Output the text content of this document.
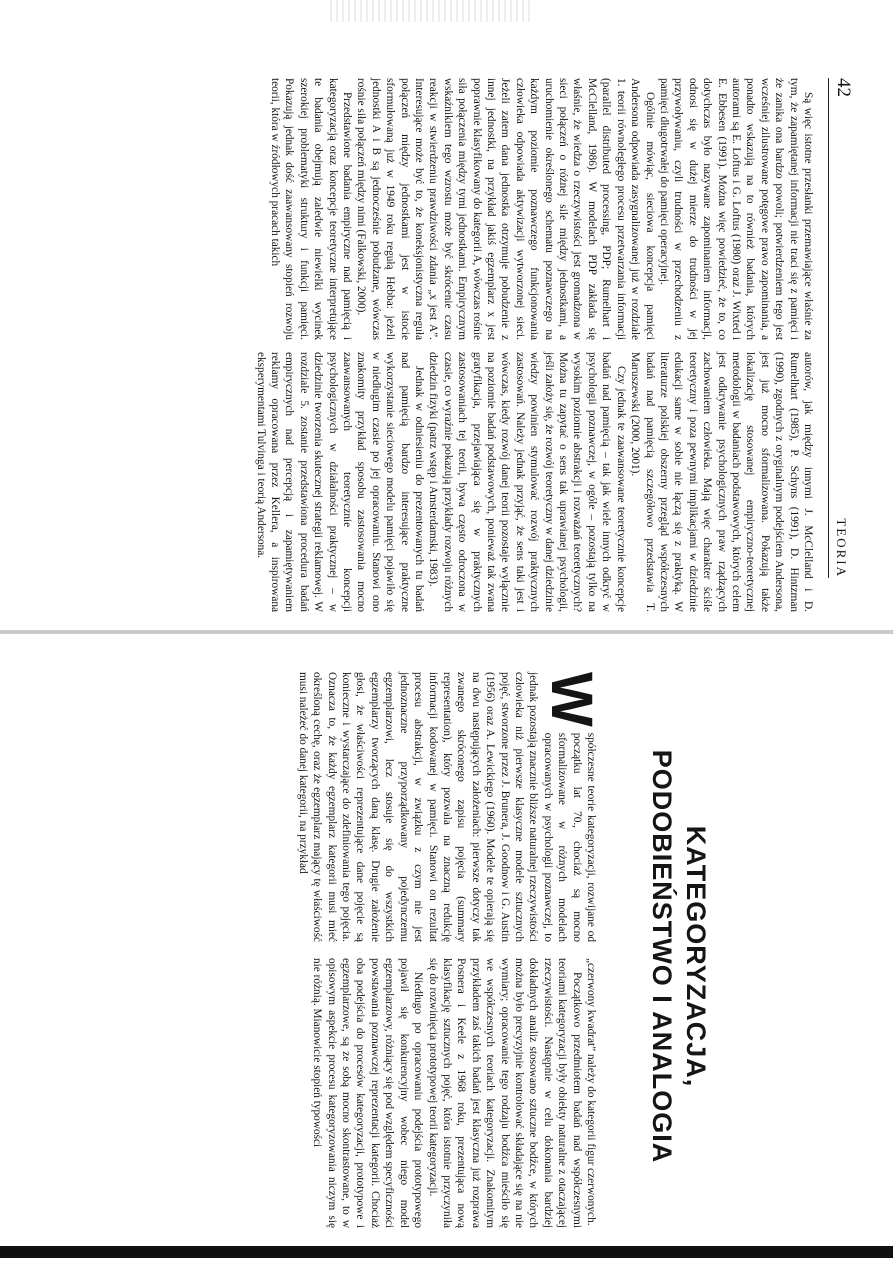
42
TEORIA

Są więc istotne przesłanki przemawiające właśnie za tym, że zapamiętanej informacji nie traci się z pamięci i że zanika ona bardzo powoli; potwierdzeniem tego jest wcześniej zilustrowane potęgowe prawo zapominania, a ponadto wskazują na to również badania, których autorami są E. Loftus i G. Loftus (1980) oraz J. Wixted i E. Ebbesen (1991). Można więc powiedzieć, że to, co dotychczas było nazywane zapominaniem informacji, odnosi się w dużej mierze do trudności w jej przywoływaniu, czyli trudności w przechodzeniu z pamięci długotrwałej do pamięci operacyjnej.

Ogólnie mówiąc, sieciowa koncepcja pamięci Andersona odpowiada zasygnalizowanej już w rozdziale 1. teorii równoległego procesu przetwarzania informacji (parallel distributed processing, PDP; Rumelhart i McClelland, 1986). W modelach PDP zakłada się właśnie, że wiedza o rzeczywistości jest gromadzona w sieci połączeń o różnej sile między jednostkami, a uruchomienie określonego schematu poznawczego na każdym poziomie poznawczego funkcjonowania człowieka odpowiada aktywizacji wytworzonej sieci. Jeżeli zatem dana jednostka otrzymuje pobudzenie z innej jednostki, na przykład jakiś egzemplarz x jest poprawnie klasyfikowany do kategorii A, wówczas rośnie siła połączenia między tymi jednostkami. Empirycznym wskaźnikiem tego wzrostu może być skrócenie czasu reakcji w stwierdzeniu prawdziwości zdania „x jest A”. Interesujące może być to, że koneksjonistyczna reguła połączeń między jednostkami jest w istocie sformułowaną już w 1949 roku regułą Hebba: jeżeli jednostki A i B są jednocześnie pobudzane, wówczas rośnie siła połączeń między nimi (Falkowski, 2000).

Przedstawione badania empiryczne nad pamięcią i kategoryzacją oraz koncepcje teoretyczne interpretujące te badania obejmują zaledwie niewielki wycinek szerokiej problematyki struktury i funkcji pamięci. Pokazują jednak dość zaawansowany stopień rozwoju teorii, która w źródłowych pracach takich

autorów, jak między innymi J. McClelland i D. Rumelhart (1985), P. Schyns (1991), D. Hintzman (1990), zgodnych z oryginalnym podejściem Andersona, jest już mocno sformalizowana. Pokazują także lokalizację stosowanej empiryczno-teoretycznej metodologii w badaniach podstawowych, których celem jest odkrywanie psychologicznych praw rządzących zachowaniem człowieka. Mają więc charakter ściśle teoretyczny i poza pewnymi implikacjami w dziedzinie edukacji same w sobie nie łączą się z praktyką. W literaturze polskiej obszerny przegląd współczesnych badań nad pamięcią szczegółowo przedstawia T. Maruszewski (2000, 2001).

Czy jednak te zaawansowane teoretycznie koncepcje badań nad pamięcią – tak jak wiele innych odkryć w psychologii poznawczej, w ogóle – pozostają tylko na wysokim poziomie abstrakcji i rozważań teoretycznych? Można tu zapytać o sens tak uprawianej psychologii, jeśli założy się, że rozwój teoretyczny w danej dziedzinie wiedzy powinien stymulować rozwój praktycznych zastosowań. Należy jednak przyjąć, że sens taki jest i wówczas, kiedy rozwój danej teorii pozostaje wyłącznie na poziomie badań podstawowych, ponieważ tak zwana gratyfikacja, przejawiająca się w praktycznych zastosowaniach tej teorii, bywa często odroczona w czasie, co wyraźnie pokazują przykłady rozwoju różnych dziedzin fizyki (patrz wstęp i Amsterdamski, 1983).

Jednak w odniesieniu do prezentowanych tu badań nad pamięcią bardzo interesujące praktyczne wykorzystanie sieciowego modelu pamięci pojawiło się w niedługim czasie po jej opracowaniu. Stanowi ono znakomity przykład sposobu zastosowania mocno zaawansowanych teoretycznie koncepcji psychologicznych w działalności praktycznej – w dziedzinie tworzenia skutecznej strategii reklamowej. W rozdziale 5. zostanie przedstawiona procedura badań empirycznych nad percepcją i zapamiętywaniem reklamy opracowana przez Kellera, a inspirowana eksperymentami Tulvinga i teorią Andersona.

KATEGORYZACJA,
PODOBIEŃSTWO I ANALOGIA

W
spółczesne teorie kategoryzacji, rozwijane od początku lat 70., chociaż są mocno sformalizowane w różnych modelach opracowanych w psychologii poznawczej, to jednak pozostają znacznie bliższe naturalnej rzeczywistości człowieka niż pierwsze klasyczne modele sztucznych pojęć, stworzone przez J. Brunera, J. Goodnow i G. Austin (1956) oraz A. Lewickiego (1960). Modele te opierają się na dwu następujących założeniach: pierwsze dotyczy tak zwanego skróconego zapisu pojęcia (summary representation), który pozwala na znaczną redukcję informacji kodowanej w pamięci. Stanowi on rezultat procesu abstrakcji, w związku z czym nie jest jednoznaczne przyporządkowany pojedynczemu egzemplarzowi, lecz stosuje się do wszystkich egzemplarzy tworzących daną klasę. Drugie założenie głosi, że właściwości reprezentujące dane pojęcie są konieczne i wystarczające do zdefiniowania tego pojęcia. Oznacza to, że każdy egzemplarz kategorii musi mieć określoną cechę, oraz że egzemplarz mający tę właściwość musi należeć do danej kategorii, na przykład

„czerwony kwadrat” należy do kategorii figur czerwonych.

Początkowo przedmiotem badań nad współczesnymi teoriami kategoryzacji były obiekty naturalne z otaczającej rzeczywistości. Następnie w celu dokonania bardziej dokładnych analiz stosowano sztuczne bodźce, w których można było precyzyjnie kontrolować składające się na nie wymiary; opracowanie tego rodzaju bodźca mieściło się we współczesnych teoriach kategoryzacji. Znakomitym przykładem zaś takich badań jest klasyczna już rozprawa Posnera i Keele z 1968 roku, prezentująca nową klasyfikację sztucznych pojęć, która istotnie przyczyniła się do rozwinięcia prototypowej teorii kategoryzacji.

Niedługo po opracowaniu podejścia prototypowego pojawił się konkurencyjny wobec niego model egzemplarzowy, różniący się pod względem specyficzności powstawania poznawczej reprezentacji kategorii. Chociaż oba podejścia do procesów kategoryzacji, prototypowe i egzemplarzowe, są ze sobą mocno skontrastowane, to w opisowym aspekcie procesu kategoryzowania niczym się nie różnią. Mianowicie stopień typowości
